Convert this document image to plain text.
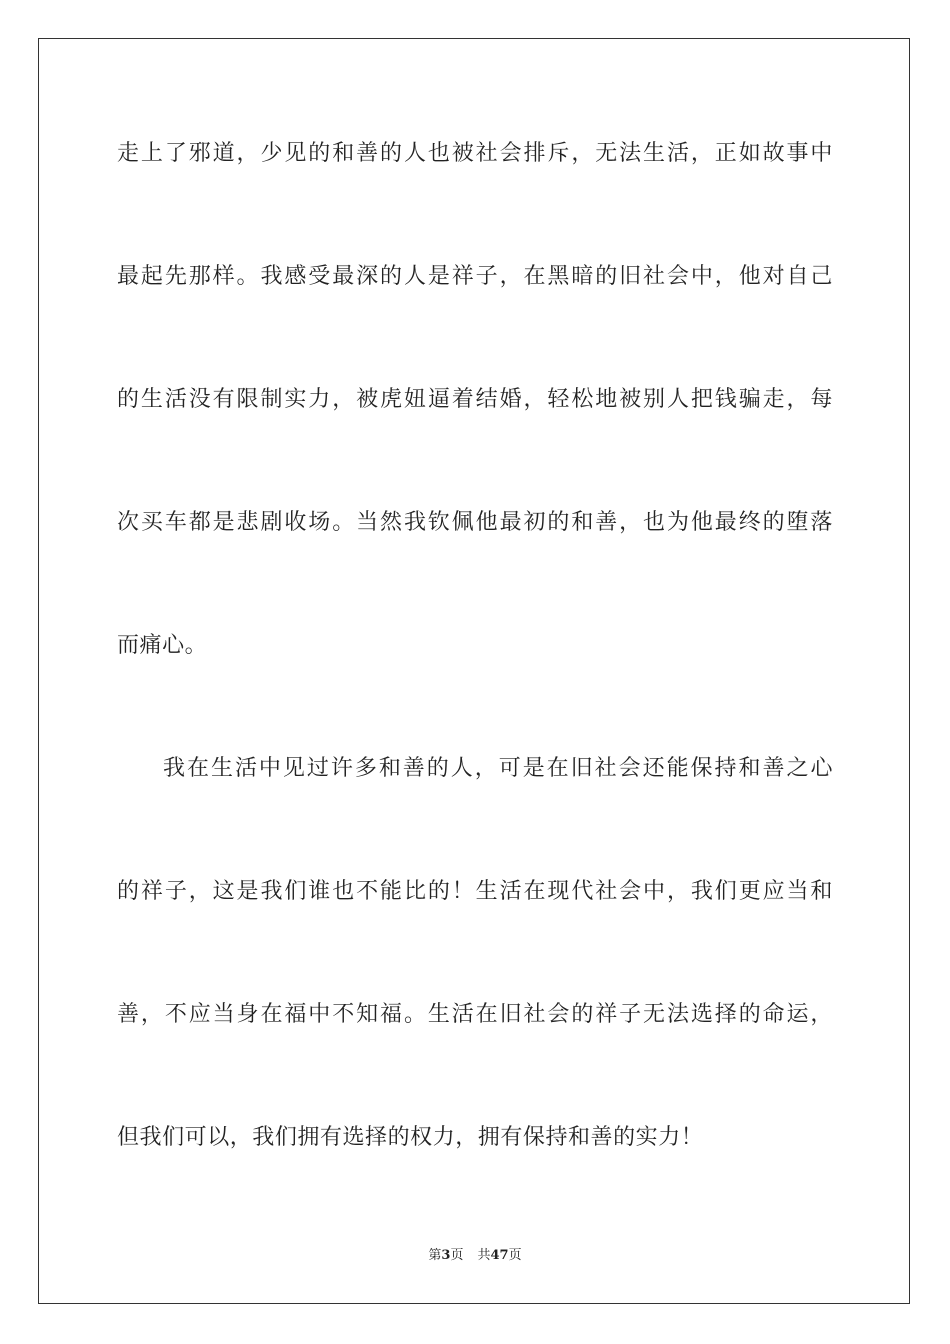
走上了邪道，少见的和善的人也被社会排斥，无法生活，正如故事中
最起先那样。我感受最深的人是祥子，在黑暗的旧社会中，他对自己
的生活没有限制实力，被虎妞逼着结婚，轻松地被别人把钱骗走，每
次买车都是悲剧收场。当然我钦佩他最初的和善，也为他最终的堕落
而痛心。
我在生活中见过许多和善的人，可是在旧社会还能保持和善之心
的祥子，这是我们谁也不能比的！生活在现代社会中，我们更应当和
善，不应当身在福中不知福。生活在旧社会的祥子无法选择的命运，
但我们可以，我们拥有选择的权力，拥有保持和善的实力！
第3页 共47页
